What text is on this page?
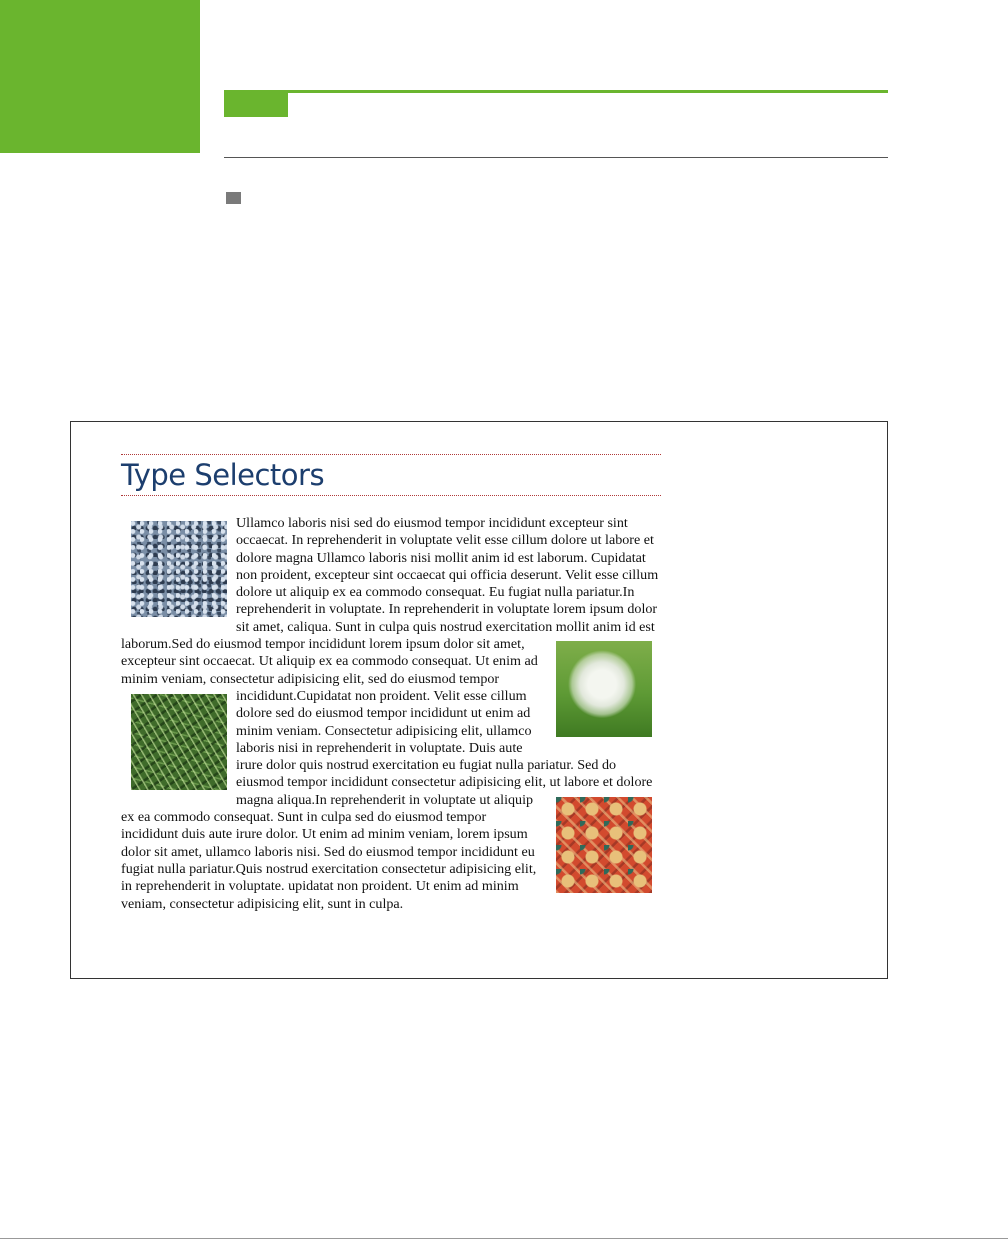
Type Selectors
Ullamco laboris nisi sed do eiusmod tempor incididunt excepteur sint occaecat. In reprehenderit in voluptate velit esse cillum dolore ut labore et dolore magna Ullamco laboris nisi mollit anim id est laborum. Cupidatat non proident, excepteur sint occaecat qui officia deserunt. Velit esse cillum dolore ut aliquip ex ea commodo consequat. Eu fugiat nulla pariatur.In reprehenderit in voluptate. In reprehenderit in voluptate lorem ipsum dolor sit amet, caliqua. Sunt in culpa quis nostrud exercitation mollit anim id est laborum.Sed do eiusmod tempor incididunt lorem ipsum dolor sit amet, excepteur sint occaecat. Ut aliquip ex ea commodo consequat. Ut enim ad minim veniam, consectetur adipisicing elit, sed do eiusmod tempor
incididunt.Cupidatat non proident. Velit esse cillum dolore sed do eiusmod tempor incididunt ut enim ad minim veniam. Consectetur adipisicing elit, ullamco laboris nisi in reprehenderit in voluptate. Duis aute irure dolor quis nostrud exercitation eu fugiat nulla pariatur. Sed do eiusmod tempor incididunt consectetur adipisicing elit, ut labore et dolore magna aliqua.In reprehenderit in voluptate ut aliquip ex ea commodo consequat. Sunt in culpa sed do eiusmod tempor incididunt duis aute irure dolor. Ut enim ad minim veniam, lorem ipsum dolor sit amet, ullamco laboris nisi. Sed do eiusmod tempor incididunt eu fugiat nulla pariatur.Quis nostrud exercitation consectetur adipisicing elit, in reprehenderit in voluptate. upidatat non proident. Ut enim ad minim veniam, consectetur adipisicing elit, sunt in culpa.
